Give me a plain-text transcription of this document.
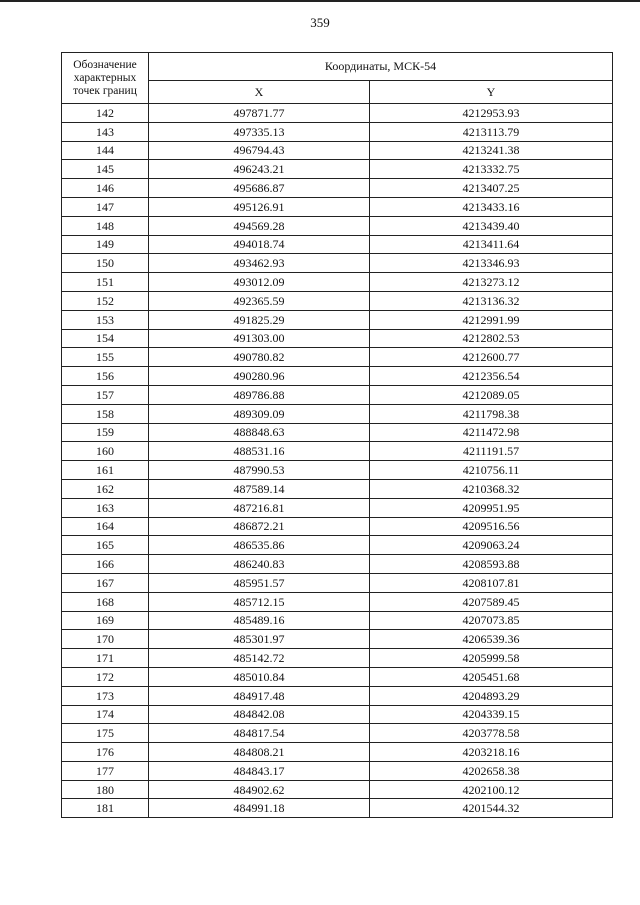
359
Обозначение характерных точек границ	Координаты, МСК-54	
	X	Y
142	497871.77	4212953.93
143	497335.13	4213113.79
144	496794.43	4213241.38
145	496243.21	4213332.75
146	495686.87	4213407.25
147	495126.91	4213433.16
148	494569.28	4213439.40
149	494018.74	4213411.64
150	493462.93	4213346.93
151	493012.09	4213273.12
152	492365.59	4213136.32
153	491825.29	4212991.99
154	491303.00	4212802.53
155	490780.82	4212600.77
156	490280.96	4212356.54
157	489786.88	4212089.05
158	489309.09	4211798.38
159	488848.63	4211472.98
160	488531.16	4211191.57
161	487990.53	4210756.11
162	487589.14	4210368.32
163	487216.81	4209951.95
164	486872.21	4209516.56
165	486535.86	4209063.24
166	486240.83	4208593.88
167	485951.57	4208107.81
168	485712.15	4207589.45
169	485489.16	4207073.85
170	485301.97	4206539.36
171	485142.72	4205999.58
172	485010.84	4205451.68
173	484917.48	4204893.29
174	484842.08	4204339.15
175	484817.54	4203778.58
176	484808.21	4203218.16
177	484843.17	4202658.38
180	484902.62	4202100.12
181	484991.18	4201544.32
